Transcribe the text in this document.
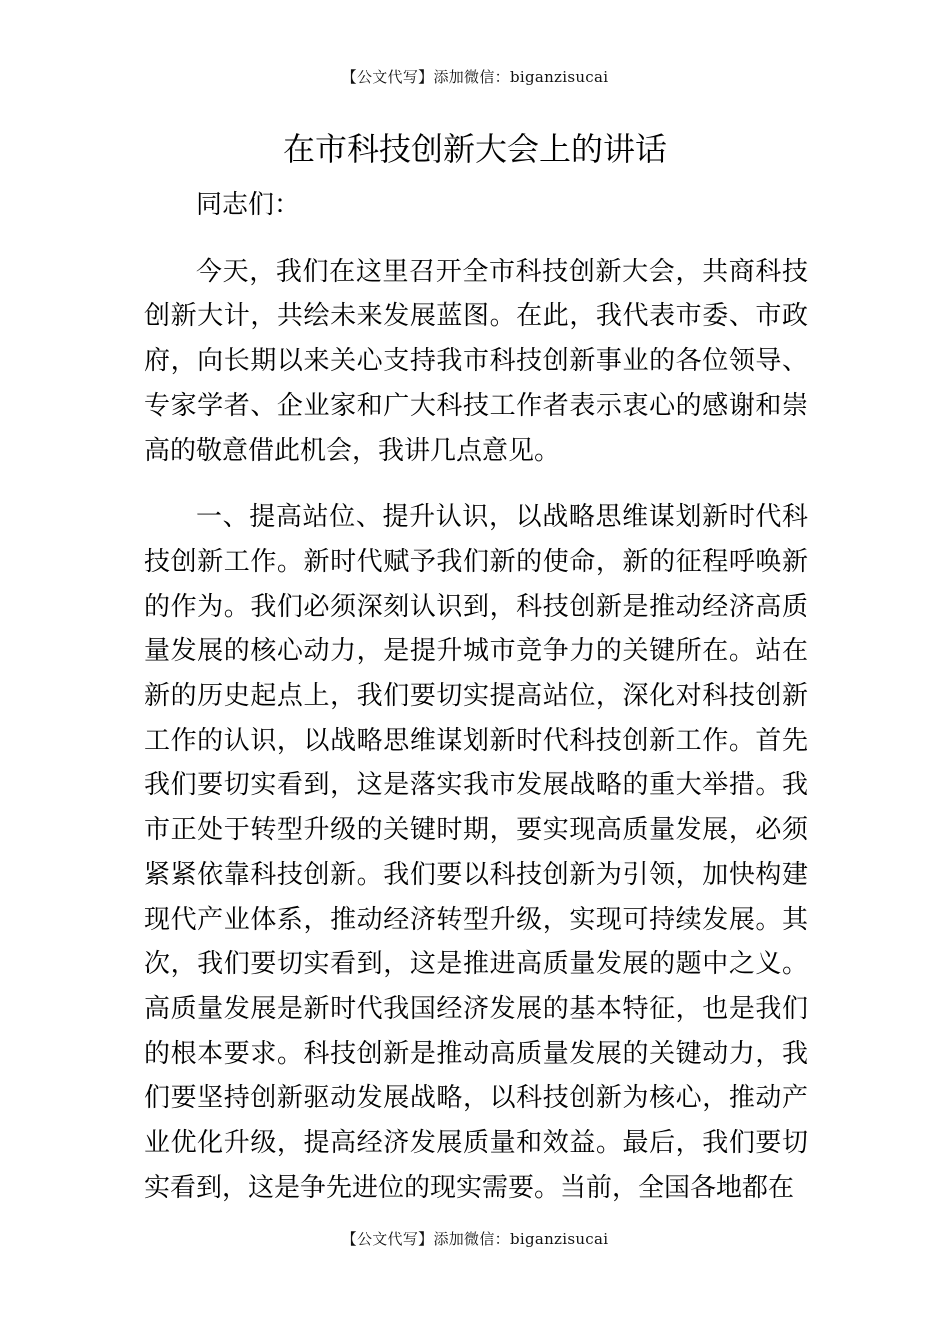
【公文代写】添加微信：biganzisucai
在市科技创新大会上的讲话

同志们：

今天，我们在这里召开全市科技创新大会，共商科技创新大计，共绘未来发展蓝图。在此，我代表市委、市政府，向长期以来关心支持我市科技创新事业的各位领导、专家学者、企业家和广大科技工作者表示衷心的感谢和崇高的敬意借此机会，我讲几点意见。

一、提高站位、提升认识，以战略思维谋划新时代科技创新工作。新时代赋予我们新的使命，新的征程呼唤新的作为。我们必须深刻认识到，科技创新是推动经济高质量发展的核心动力，是提升城市竞争力的关键所在。站在新的历史起点上，我们要切实提高站位，深化对科技创新工作的认识，以战略思维谋划新时代科技创新工作。首先我们要切实看到，这是落实我市发展战略的重大举措。我市正处于转型升级的关键时期，要实现高质量发展，必须紧紧依靠科技创新。我们要以科技创新为引领，加快构建现代产业体系，推动经济转型升级，实现可持续发展。其次，我们要切实看到，这是推进高质量发展的题中之义。高质量发展是新时代我国经济发展的基本特征，也是我们的根本要求。科技创新是推动高质量发展的关键动力，我们要坚持创新驱动发展战略，以科技创新为核心，推动产业优化升级，提高经济发展质量和效益。最后，我们要切实看到，这是争先进位的现实需要。当前，全国各地都在

【公文代写】添加微信：biganzisucai
